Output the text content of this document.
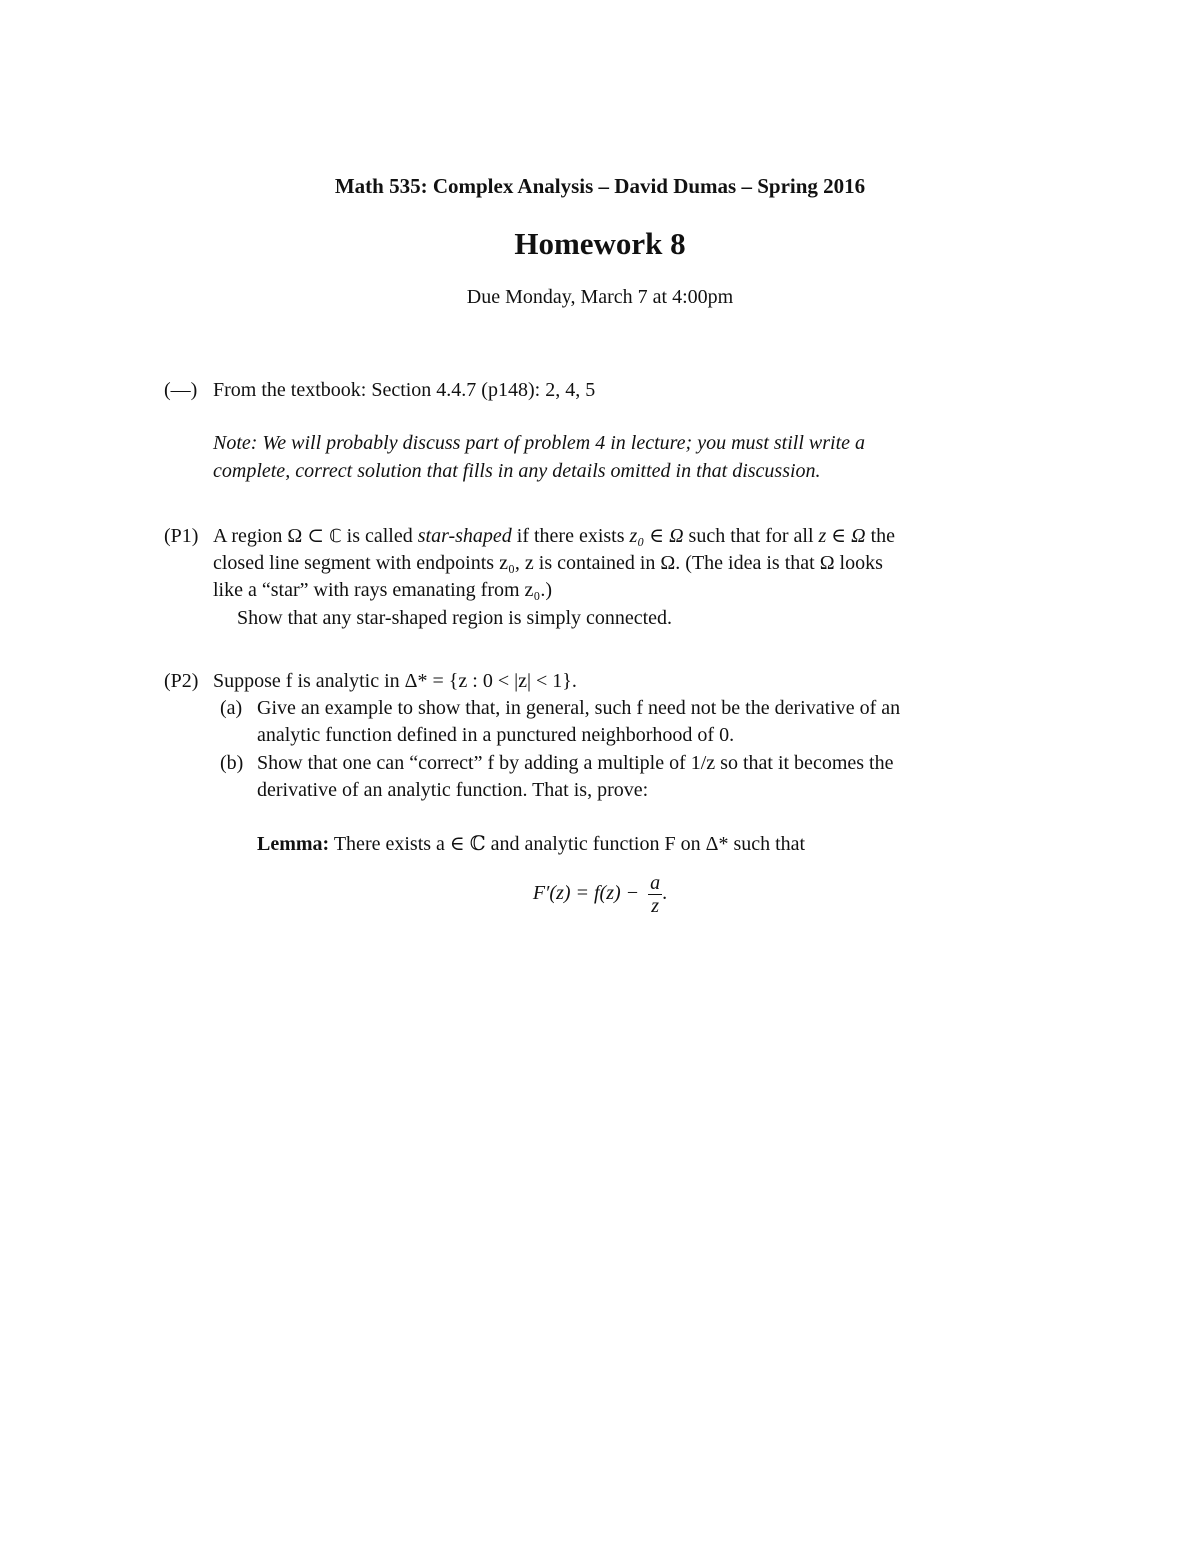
Math 535: Complex Analysis – David Dumas – Spring 2016
Homework 8
Due Monday, March 7 at 4:00pm
(—) From the textbook: Section 4.4.7 (p148): 2, 4, 5
Note: We will probably discuss part of problem 4 in lecture; you must still write a
complete, correct solution that fills in any details omitted in that discussion.
(P1) A region Ω ⊂ ℂ is called star-shaped if there exists z₀ ∈ Ω such that for all z ∈ Ω the
closed line segment with endpoints z₀, z is contained in Ω. (The idea is that Ω looks
like a “star” with rays emanating from z₀.)
Show that any star-shaped region is simply connected.
(P2) Suppose f is analytic in Δ* = {z : 0 < |z| < 1}.
(a) Give an example to show that, in general, such f need not be the derivative of an
analytic function defined in a punctured neighborhood of 0.
(b) Show that one can “correct” f by adding a multiple of 1/z so that it becomes the
derivative of an analytic function. That is, prove:
Lemma: There exists a ∈ ℂ and analytic function F on Δ* such that
$F'(z) = f(z) - \frac{a}{z}$ .
